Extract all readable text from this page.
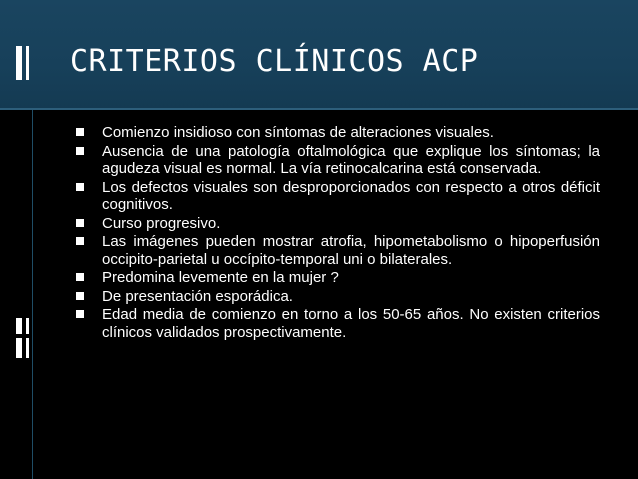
CRITERIOS CLÍNICOS ACP
Comienzo insidioso con síntomas de alteraciones visuales.
Ausencia de una patología oftalmológica que explique los síntomas; la agudeza visual es normal. La vía retinocalcarina está conservada.
Los defectos visuales son desproporcionados con respecto a otros déficit cognitivos.
Curso progresivo.
Las imágenes pueden mostrar atrofia, hipometabolismo o hipoperfusión occipito-parietal u occípito-temporal uni o bilaterales.
Predomina levemente en la mujer ?
De presentación esporádica.
Edad media de comienzo en torno a los 50-65 años. No existen criterios clínicos validados prospectivamente.
